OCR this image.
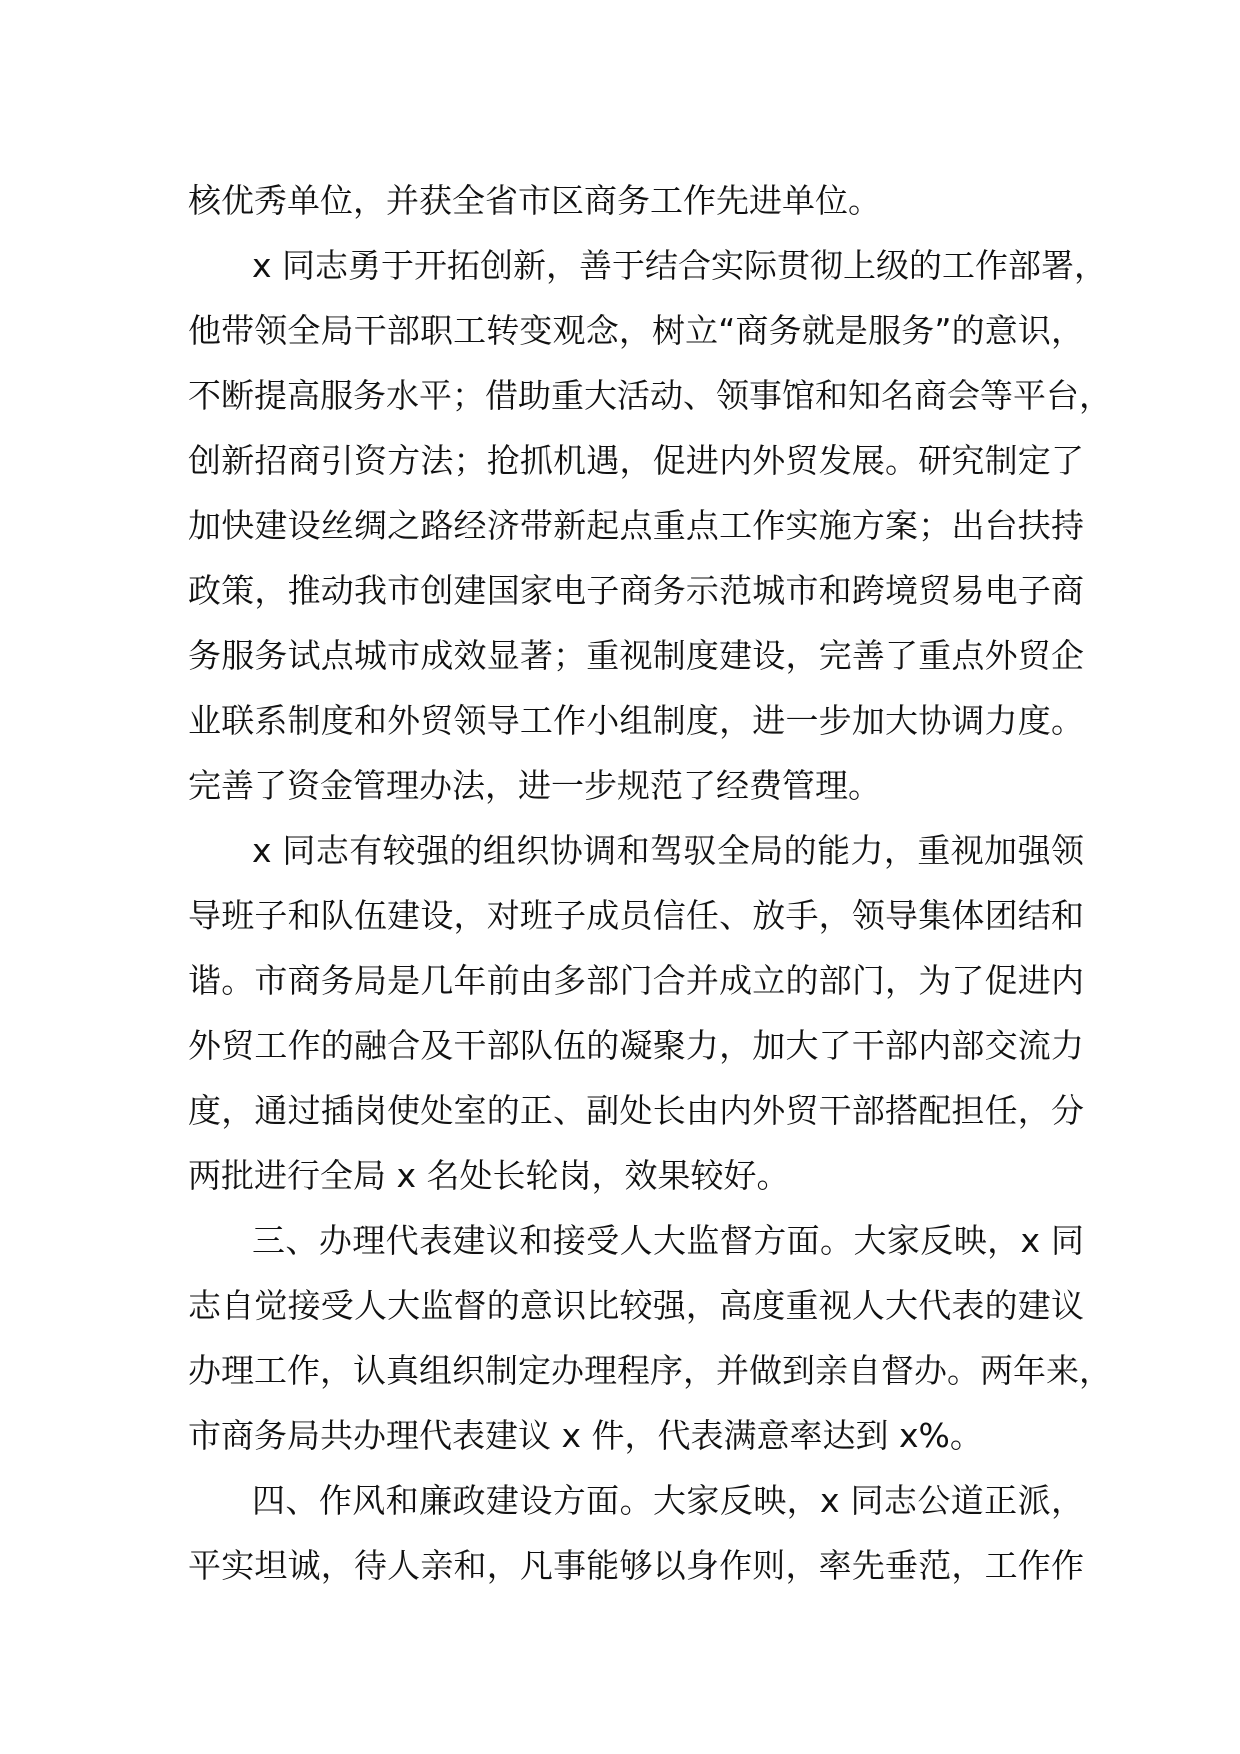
核优秀单位，并获全省市区商务工作先进单位。
x 同志勇于开拓创新，善于结合实际贯彻上级的工作部署，
他带领全局干部职工转变观念，树立“商务就是服务”的意识，
不断提高服务水平；借助重大活动、领事馆和知名商会等平台，
创新招商引资方法；抢抓机遇，促进内外贸发展。研究制定了
加快建设丝绸之路经济带新起点重点工作实施方案；出台扶持
政策，推动我市创建国家电子商务示范城市和跨境贸易电子商
务服务试点城市成效显著；重视制度建设，完善了重点外贸企
业联系制度和外贸领导工作小组制度，进一步加大协调力度。
完善了资金管理办法，进一步规范了经费管理。
x 同志有较强的组织协调和驾驭全局的能力，重视加强领
导班子和队伍建设，对班子成员信任、放手，领导集体团结和
谐。市商务局是几年前由多部门合并成立的部门，为了促进内
外贸工作的融合及干部队伍的凝聚力，加大了干部内部交流力
度，通过插岗使处室的正、副处长由内外贸干部搭配担任，分
两批进行全局 x 名处长轮岗，效果较好。
三、办理代表建议和接受人大监督方面。大家反映，x 同
志自觉接受人大监督的意识比较强，高度重视人大代表的建议
办理工作，认真组织制定办理程序，并做到亲自督办。两年来，
市商务局共办理代表建议 x 件，代表满意率达到 x%。
四、作风和廉政建设方面。大家反映，x 同志公道正派，
平实坦诚，待人亲和，凡事能够以身作则，率先垂范，工作作
